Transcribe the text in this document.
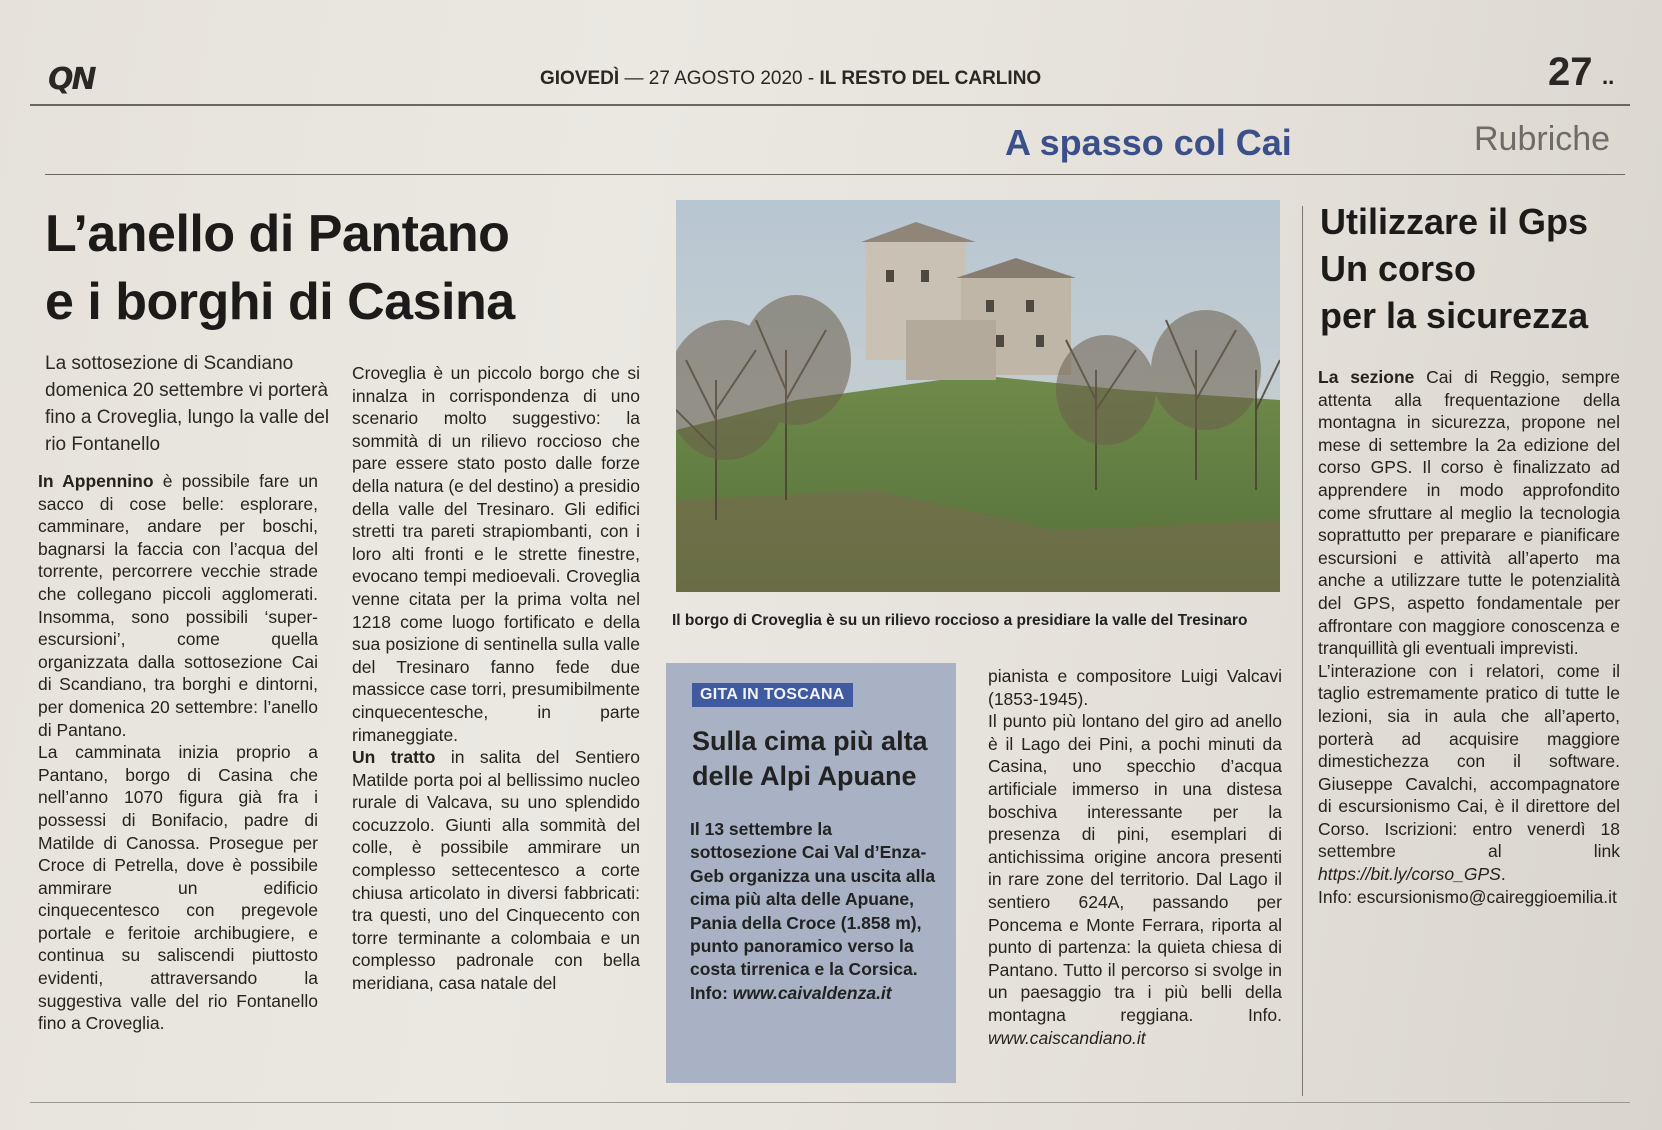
QN	GIOVEDÌ — 27 AGOSTO 2020 - IL RESTO DEL CARLINO	27 ..
A spasso col Cai	Rubriche
L’anello di Pantano
e i borghi di Casina
La sottosezione di Scandiano domenica 20 settembre vi porterà fino a Croveglia, lungo la valle del rio Fontanello

In Appennino è possibile fare un sacco di cose belle: esplorare, camminare, andare per boschi, bagnarsi la faccia con l’acqua del torrente, percorrere vecchie strade che collegano piccoli agglomerati. Insomma, sono possibili ‘super-escursioni’, come quella organizzata dalla sottosezione Cai di Scandiano, tra borghi e dintorni, per domenica 20 settembre: l’anello di Pantano.

La camminata inizia proprio a Pantano, borgo di Casina che nell’anno 1070 figura già fra i possessi di Bonifacio, padre di Matilde di Canossa. Prosegue per Croce di Petrella, dove è possibile ammirare un edificio cinquecentesco con pregevole portale e feritoie archibugiere, e continua su saliscendi piuttosto evidenti, attraversando la suggestiva valle del rio Fontanello fino a Croveglia.

Croveglia è un piccolo borgo che si innalza in corrispondenza di uno scenario molto suggestivo: la sommità di un rilievo roccioso che pare essere stato posto dalle forze della natura (e del destino) a presidio della valle del Tresinaro. Gli edifici stretti tra pareti strapiombanti, con i loro alti fronti e le strette finestre, evocano tempi medioevali. Croveglia venne citata per la prima volta nel 1218 come luogo fortificato e della sua posizione di sentinella sulla valle del Tresinaro fanno fede due massicce case torri, presumibilmente cinquecentesche, in parte rimaneggiate.

Un tratto in salita del Sentiero Matilde porta poi al bellissimo nucleo rurale di Valcava, su uno splendido cocuzzolo. Giunti alla sommità del colle, è possibile ammirare un complesso settecentesco a corte chiusa articolato in diversi fabbricati: tra questi, uno del Cinquecento con torre terminante a colombaia e un complesso padronale con bella meridiana, casa natale del

Il borgo di Croveglia è su un rilievo roccioso a presidiare la valle del Tresinaro
GITA IN TOSCANA
Sulla cima più alta delle Alpi Apuane
Il 13 settembre la sottosezione Cai Val d’Enza-Geb organizza una uscita alla cima più alta delle Apuane, Pania della Croce (1.858 m), punto panoramico verso la costa tirrenica e la Corsica. Info: www.caivaldenza.it

pianista e compositore Luigi Valcavi (1853-1945).

Il punto più lontano del giro ad anello è il Lago dei Pini, a pochi minuti da Casina, uno specchio d’acqua artificiale immerso in una distesa boschiva interessante per la presenza di pini, esemplari di antichissima origine ancora presenti in rare zone del territorio. Dal Lago il sentiero 624A, passando per Poncema e Monte Ferrara, riporta al punto di partenza: la quieta chiesa di Pantano. Tutto il percorso si svolge in un paesaggio tra i più belli della montagna reggiana. Info. www.caiscandiano.it

Utilizzare il Gps
Un corso
per la sicurezza

La sezione Cai di Reggio, sempre attenta alla frequentazione della montagna in sicurezza, propone nel mese di settembre la 2a edizione del corso GPS. Il corso è finalizzato ad apprendere in modo approfondito come sfruttare al meglio la tecnologia soprattutto per preparare e pianificare escursioni e attività all’aperto ma anche a utilizzare tutte le potenzialità del GPS, aspetto fondamentale per affrontare con maggiore conoscenza e tranquillità gli eventuali imprevisti.

L’interazione con i relatori, come il taglio estremamente pratico di tutte le lezioni, sia in aula che all’aperto, porterà ad acquisire maggiore dimestichezza con il software. Giuseppe Cavalchi, accompagnatore di escursionismo Cai, è il direttore del Corso. Iscrizioni: entro venerdì 18 settembre al link https://bit.ly/corso_GPS.

Info: escursionismo@caireggioemilia.it
